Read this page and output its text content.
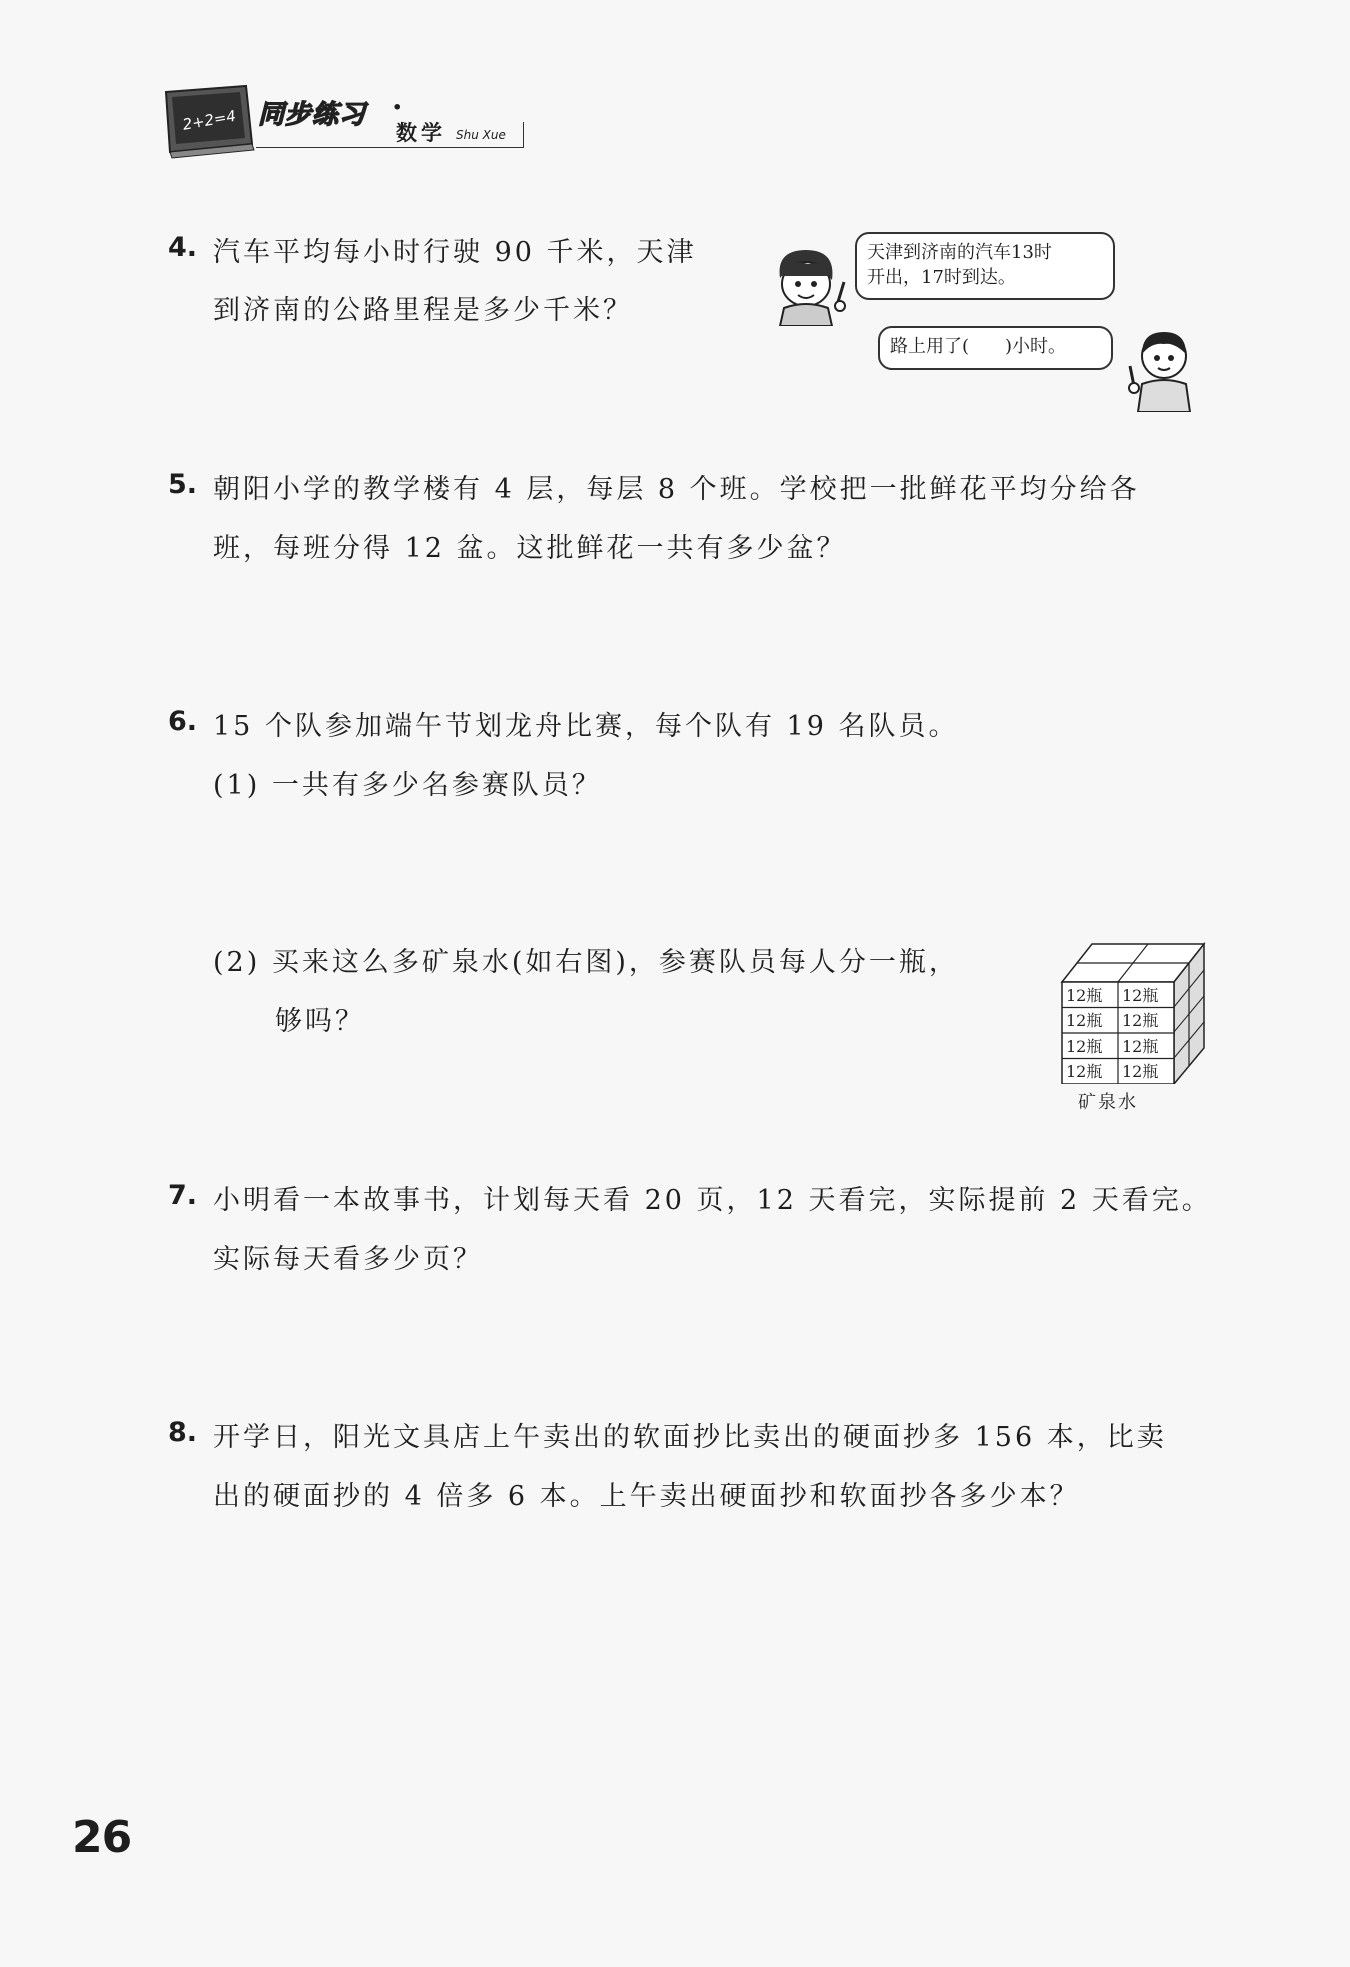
2+2=4 同步练习 ·
数学 Shu Xue
4. 汽车平均每小时行驶 90 千米，天津
到济南的公路里程是多少千米？
天津到济南的汽车13时
开出，17时到达。
路上用了(　　)小时。
5. 朝阳小学的教学楼有 4 层，每层 8 个班。学校把一批鲜花平均分给各
班，每班分得 12 盆。这批鲜花一共有多少盆？
6. 15 个队参加端午节划龙舟比赛，每个队有 19 名队员。
(1) 一共有多少名参赛队员？
(2) 买来这么多矿泉水(如右图)，参赛队员每人分一瓶，
够吗？
12瓶 12瓶
12瓶 12瓶
12瓶 12瓶
12瓶 12瓶
矿泉水
7. 小明看一本故事书，计划每天看 20 页，12 天看完，实际提前 2 天看完。
实际每天看多少页？
8. 开学日，阳光文具店上午卖出的软面抄比卖出的硬面抄多 156 本，比卖
出的硬面抄的 4 倍多 6 本。上午卖出硬面抄和软面抄各多少本？
26
